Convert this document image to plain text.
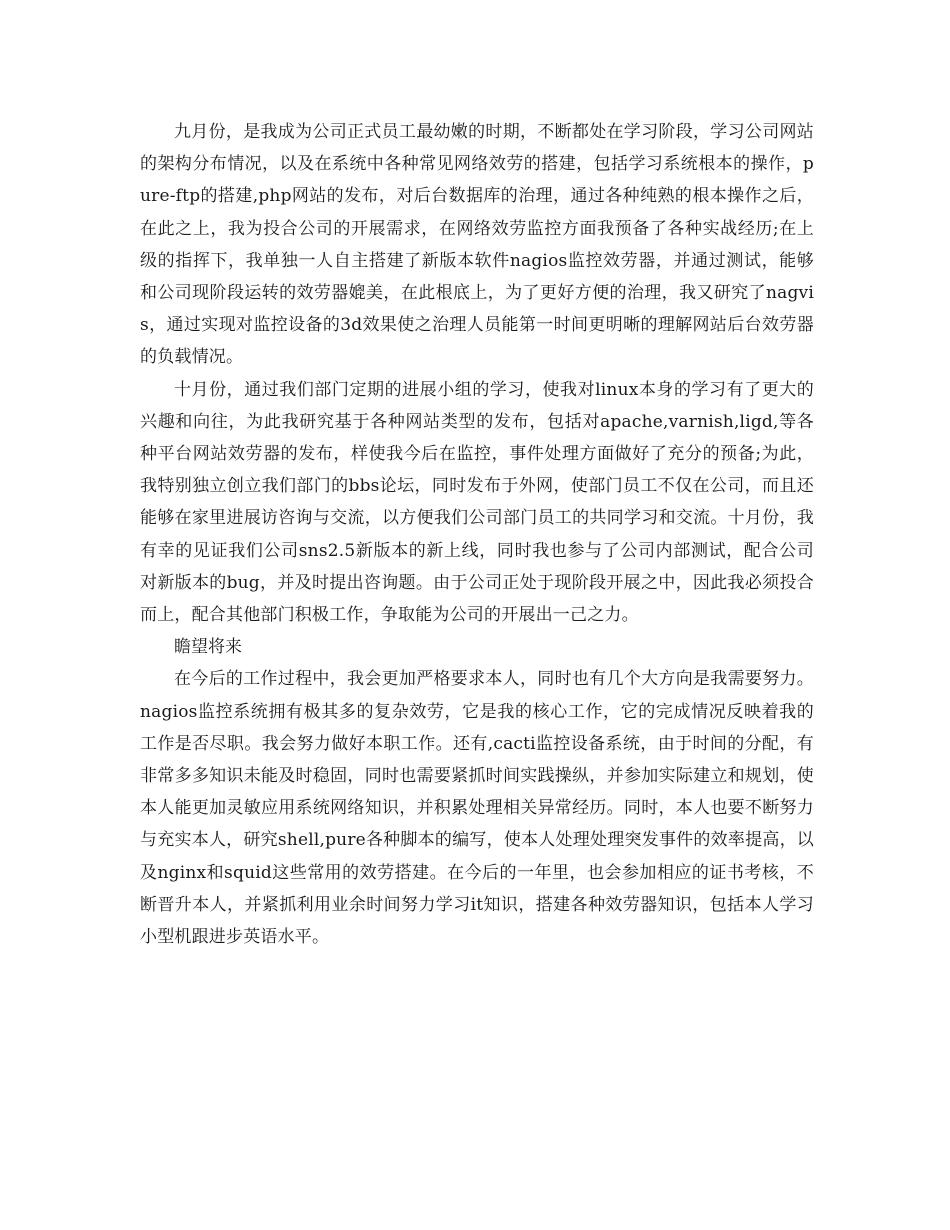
九月份，是我成为公司正式员工最幼嫩的时期，不断都处在学习阶段，学习公司网站的架构分布情况，以及在系统中各种常见网络效劳的搭建，包括学习系统根本的操作，pure-ftp的搭建,php网站的发布，对后台数据库的治理，通过各种纯熟的根本操作之后，在此之上，我为投合公司的开展需求，在网络效劳监控方面我预备了各种实战经历;在上级的指挥下，我单独一人自主搭建了新版本软件nagios监控效劳器，并通过测试，能够和公司现阶段运转的效劳器媲美，在此根底上，为了更好方便的治理，我又研究了nagvis，通过实现对监控设备的3d效果使之治理人员能第一时间更明晰的理解网站后台效劳器的负载情况。

十月份，通过我们部门定期的进展小组的学习，使我对linux本身的学习有了更大的兴趣和向往，为此我研究基于各种网站类型的发布，包括对apache,varnish,ligd,等各种平台网站效劳器的发布，样使我今后在监控，事件处理方面做好了充分的预备;为此，我特别独立创立我们部门的bbs论坛，同时发布于外网，使部门员工不仅在公司，而且还能够在家里进展访咨询与交流，以方便我们公司部门员工的共同学习和交流。十月份，我有幸的见证我们公司sns2.5新版本的新上线，同时我也参与了公司内部测试，配合公司对新版本的bug，并及时提出咨询题。由于公司正处于现阶段开展之中，因此我必须投合而上，配合其他部门积极工作，争取能为公司的开展出一己之力。

瞻望将来

在今后的工作过程中，我会更加严格要求本人，同时也有几个大方向是我需要努力。nagios监控系统拥有极其多的复杂效劳，它是我的核心工作，它的完成情况反映着我的工作是否尽职。我会努力做好本职工作。还有,cacti监控设备系统，由于时间的分配，有非常多多知识未能及时稳固，同时也需要紧抓时间实践操纵，并参加实际建立和规划，使本人能更加灵敏应用系统网络知识，并积累处理相关异常经历。同时，本人也要不断努力与充实本人，研究shell,pure各种脚本的编写，使本人处理处理突发事件的效率提高，以及nginx和squid这些常用的效劳搭建。在今后的一年里，也会参加相应的证书考核，不断晋升本人，并紧抓利用业余时间努力学习it知识，搭建各种效劳器知识，包括本人学习小型机跟进步英语水平。
